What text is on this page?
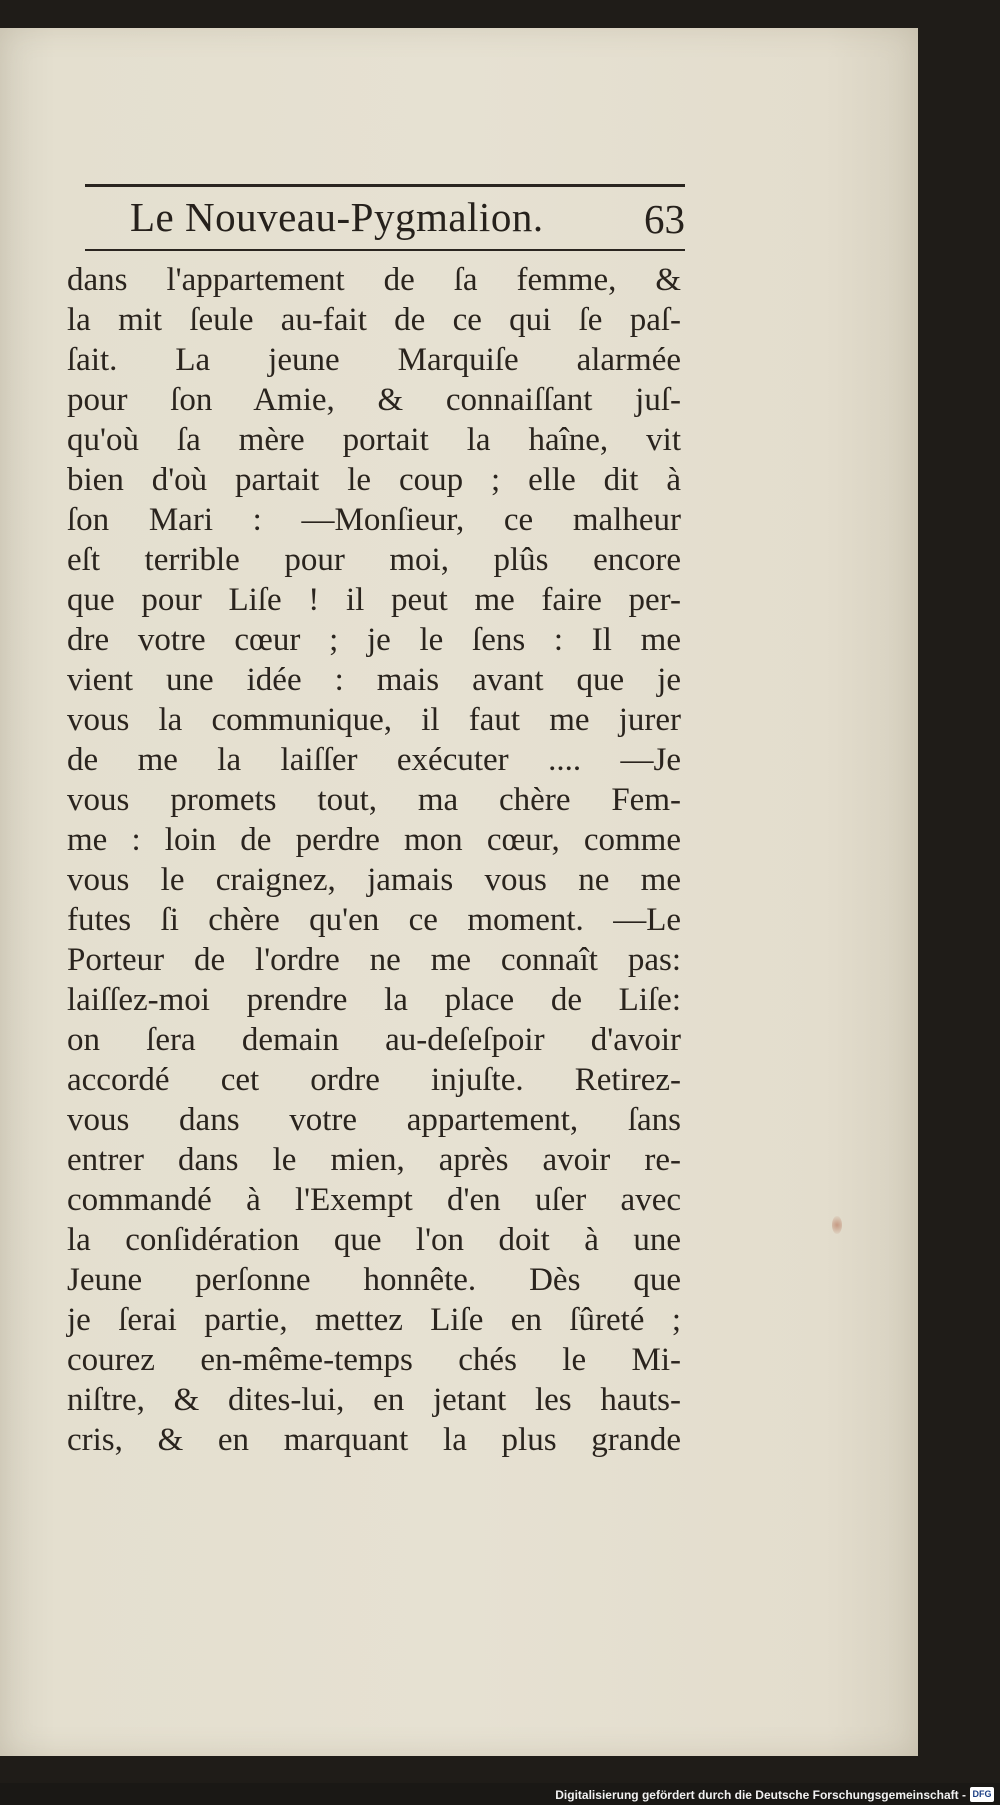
Le Nouveau-Pygmalion. 63
dans l'appartement de ſa femme, &
la mit ſeule au-fait de ce qui ſe paſ-
ſait. La jeune Marquiſe alarmée
pour ſon Amie, & connaiſſant juſ-
qu'où ſa mère portait la haîne, vit
bien d'où partait le coup ; elle dit à
ſon Mari : —Monſieur, ce malheur
eſt terrible pour moi, plûs encore
que pour Liſe ! il peut me faire per-
dre votre cœur ; je le ſens : Il me
vient une idée : mais avant que je
vous la communique, il faut me jurer
de me la laiſſer exécuter .... —Je
vous promets tout, ma chère Fem-
me : loin de perdre mon cœur, comme
vous le craignez, jamais vous ne me
futes ſi chère qu'en ce moment. —Le
Porteur de l'ordre ne me connaît pas:
laiſſez-moi prendre la place de Liſe:
on ſera demain au-deſeſpoir d'avoir
accordé cet ordre injuſte. Retirez-
vous dans votre appartement, ſans
entrer dans le mien, après avoir re-
commandé à l'Exempt d'en uſer avec
la conſidération que l'on doit à une
Jeune perſonne honnête. Dès que
je ſerai partie, mettez Liſe en ſûreté ;
courez en-même-temps chés le Mi-
niſtre, & dites-lui, en jetant les hauts-
cris, & en marquant la plus grande
Digitalisierung gefördert durch die Deutsche Forschungsgemeinschaft - DFG
